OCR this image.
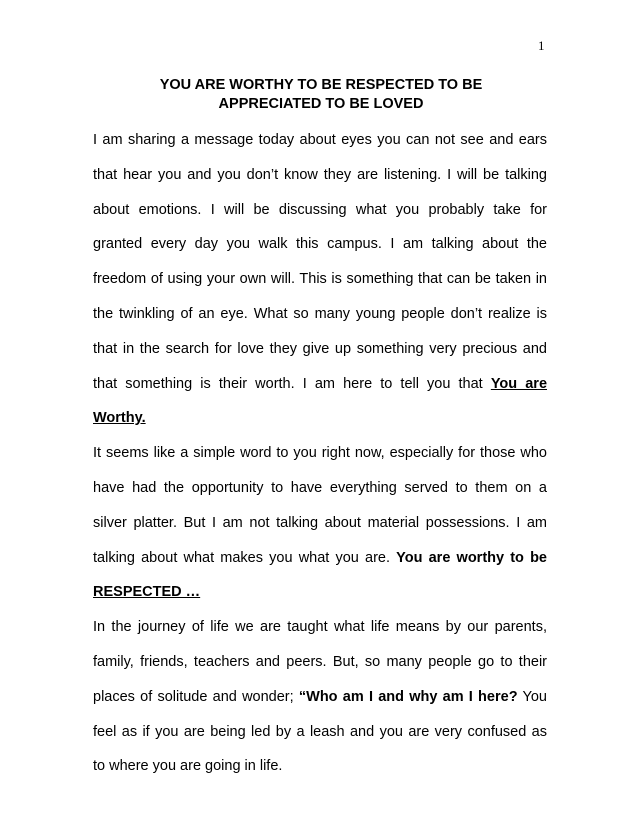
1
YOU ARE WORTHY TO BE RESPECTED TO BE
APPRECIATED TO BE LOVED
I am sharing a message today about eyes you can not see and ears
that hear you and you don’t know they are listening. I will be talking
about emotions. I will be discussing what you probably take for
granted every day you walk this campus. I am talking about the
freedom of using your own will. This is something that can be taken in
the twinkling of an eye. What so many young people don’t realize is
that in the search for love they give up something very precious and
that something is their worth. I am here to tell you that You are
Worthy.
It seems like a simple word to you right now, especially for those who
have had the opportunity to have everything served to them on a
silver platter. But I am not talking about material possessions. I am
talking about what makes you what you are. You are worthy to be
RESPECTED …
In the journey of life we are taught what life means by our parents,
family, friends, teachers and peers. But, so many people go to their
places of solitude and wonder; “Who am I and why am I here? You
feel as if you are being led by a leash and you are very confused as
to where you are going in life.
